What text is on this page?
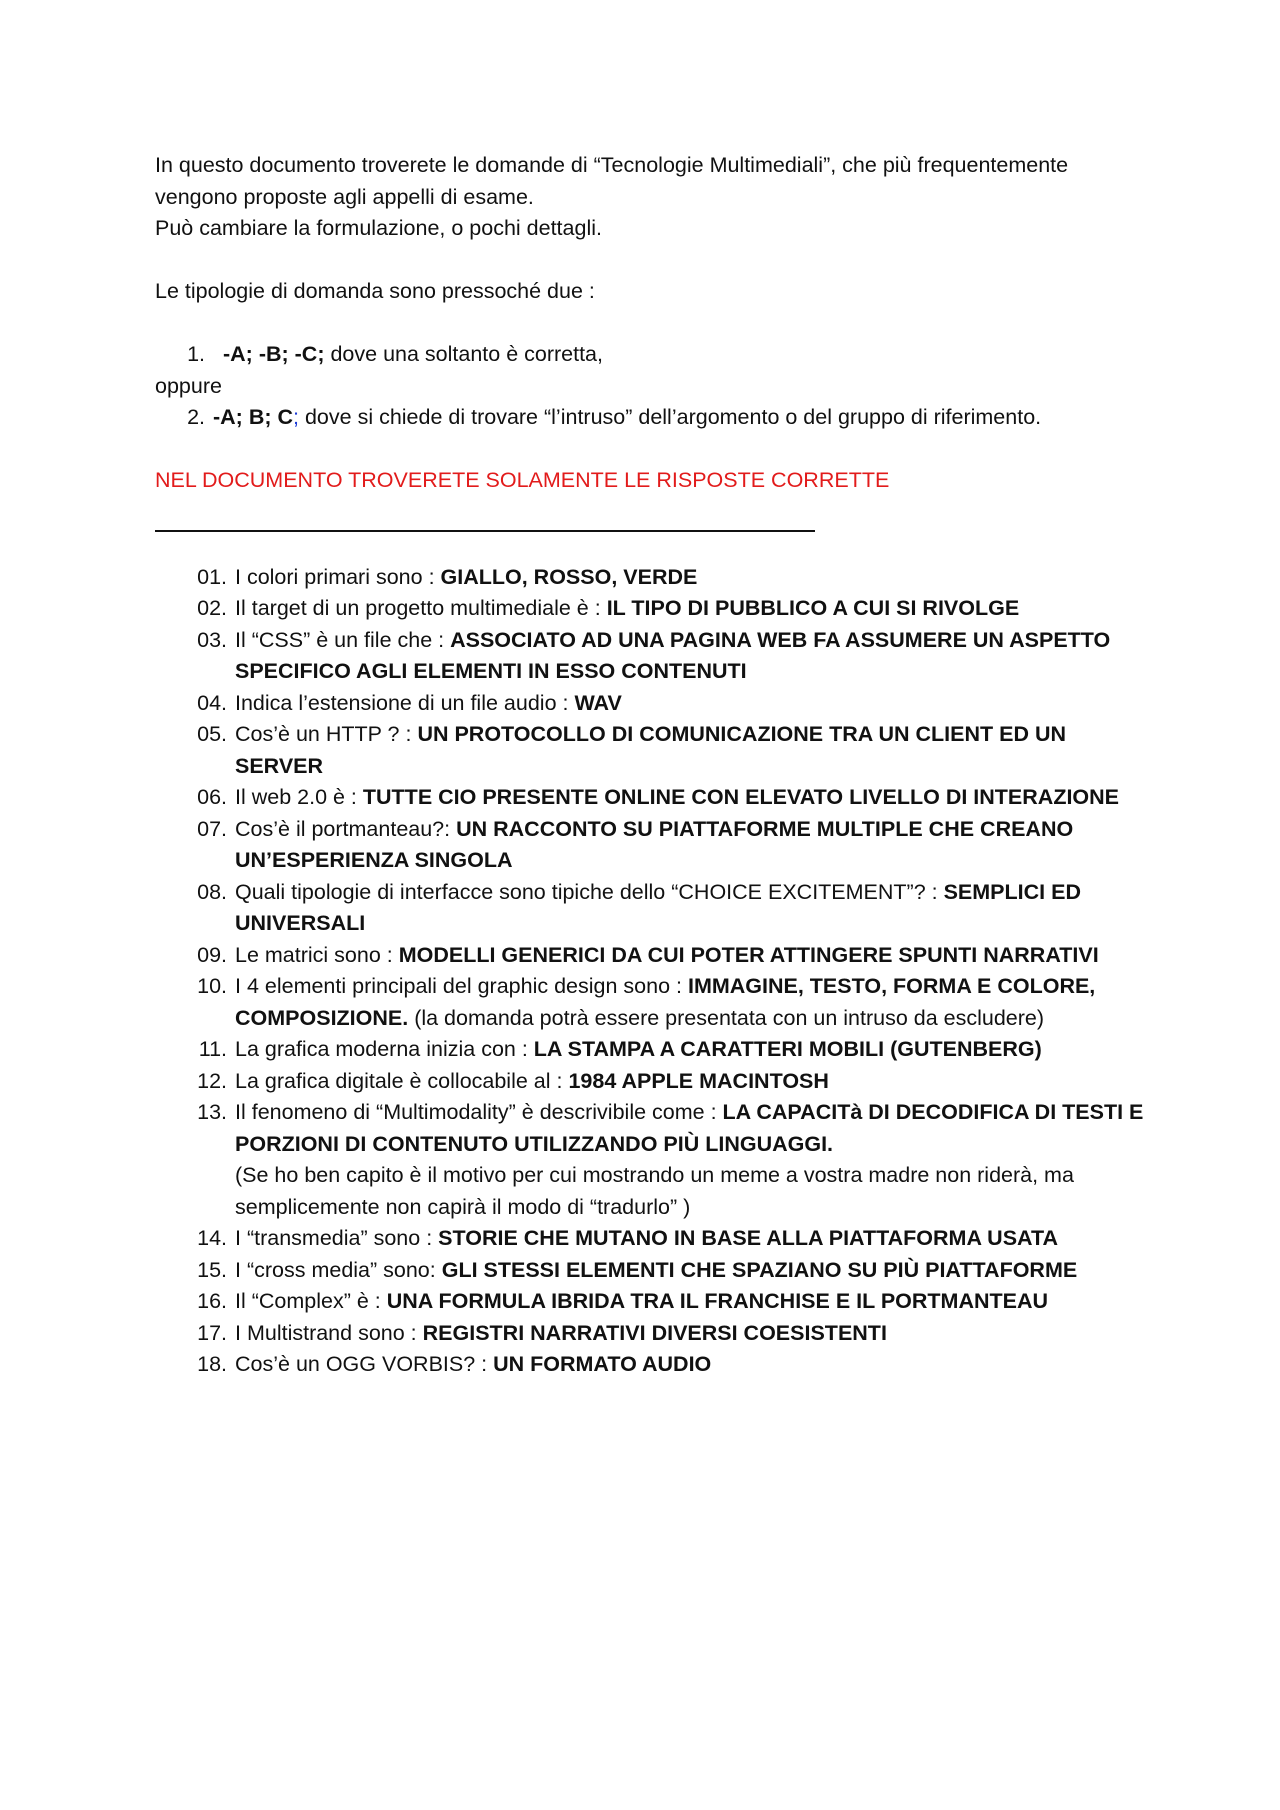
In questo documento troverete le domande di “Tecnologie Multimediali”, che più frequentemente vengono proposte agli appelli di esame.

Può cambiare la formulazione, o pochi dettagli.

Le tipologie di domanda sono pressoché due :

1. -A; -B; -C; dove una soltanto è corretta,

oppure

2. -A; B; C; dove si chiede di trovare “l’intruso” dell’argomento o del gruppo di riferimento.

NEL DOCUMENTO TROVERETE SOLAMENTE LE RISPOSTE CORRETTE

01. I colori primari sono : GIALLO, ROSSO, VERDE
02. Il target di un progetto multimediale è : IL TIPO DI PUBBLICO A CUI SI RIVOLGE
03. Il “CSS” è un file che : ASSOCIATO AD UNA PAGINA WEB FA ASSUMERE UN ASPETTO SPECIFICO AGLI ELEMENTI IN ESSO CONTENUTI
04. Indica l’estensione di un file audio : WAV
05. Cos’è un HTTP ? : UN PROTOCOLLO DI COMUNICAZIONE TRA UN CLIENT ED UN SERVER
06. Il web 2.0 è : TUTTE CIO PRESENTE ONLINE CON ELEVATO LIVELLO DI INTERAZIONE
07. Cos’è il portmanteau?: UN RACCONTO SU PIATTAFORME MULTIPLE CHE CREANO UN’ESPERIENZA SINGOLA
08. Quali tipologie di interfacce sono tipiche dello “CHOICE EXCITEMENT”? : SEMPLICI ED UNIVERSALI
09. Le matrici sono : MODELLI GENERICI DA CUI POTER ATTINGERE SPUNTI NARRATIVI
10. I 4 elementi principali del graphic design sono : IMMAGINE, TESTO, FORMA E COLORE, COMPOSIZIONE. (la domanda potrà essere presentata con un intruso da escludere)
11. La grafica moderna inizia con : LA STAMPA A CARATTERI MOBILI (GUTENBERG)
12. La grafica digitale è collocabile al : 1984 APPLE MACINTOSH
13. Il fenomeno di “Multimodality” è descrivibile come : LA CAPACITà DI DECODIFICA DI TESTI E PORZIONI DI CONTENUTO UTILIZZANDO PIÙ LINGUAGGI.
(Se ho ben capito è il motivo per cui mostrando un meme a vostra madre non riderà, ma semplicemente non capirà il modo di “tradurlo” )
14. I “transmedia” sono : STORIE CHE MUTANO IN BASE ALLA PIATTAFORMA USATA
15. I “cross media” sono: GLI STESSI ELEMENTI CHE SPAZIANO SU PIÙ PIATTAFORME
16. Il “Complex” è : UNA FORMULA IBRIDA TRA IL FRANCHISE E IL PORTMANTEAU
17. I Multistrand sono : REGISTRI NARRATIVI DIVERSI COESISTENTI
18. Cos’è un OGG VORBIS? : UN FORMATO AUDIO
